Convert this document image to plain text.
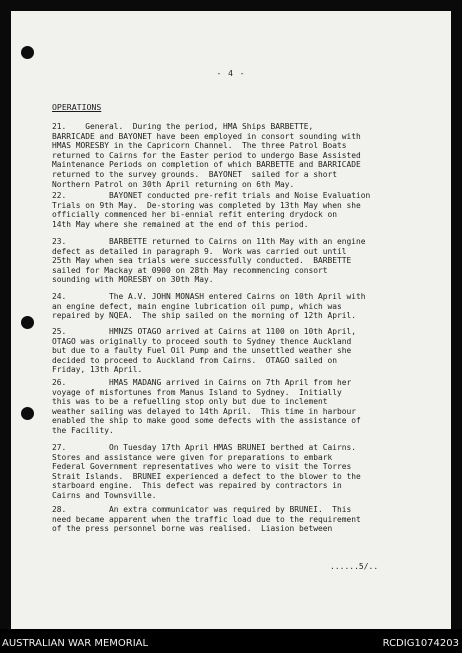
- 4 -
OPERATIONS
21.    General.  During the period, HMA Ships BARBETTE,
BARRICADE and BAYONET have been employed in consort sounding with
HMAS MORESBY in the Capricorn Channel.  The three Patrol Boats
returned to Cairns for the Easter period to undergo Base Assisted
Maintenance Periods on completion of which BARBETTE and BARRICADE
returned to the survey grounds.  BAYONET  sailed for a short
Northern Patrol on 30th April returning on 6th May.
22.         BAYONET conducted pre-refit trials and Noise Evaluation
Trials on 9th May.  De-storing was completed by 13th May when she
officially commenced her bi-ennial refit entering drydock on
14th May where she remained at the end of this period.
23.         BARBETTE returned to Cairns on 11th May with an engine
defect as detailed in paragraph 9.  Work was carried out until
25th May when sea trials were successfully conducted.  BARBETTE
sailed for Mackay at 0900 on 28th May recommencing consort
sounding with MORESBY on 30th May.
24.         The A.V. JOHN MONASH entered Cairns on 10th April with
an engine defect, main engine lubrication oil pump, which was
repaired by NQEA.  The ship sailed on the morning of 12th April.
25.         HMNZS OTAGO arrived at Cairns at 1100 on 10th April,
OTAGO was originally to proceed south to Sydney thence Auckland
but due to a faulty Fuel Oil Pump and the unsettled weather she
decided to proceed to Auckland from Cairns.  OTAGO sailed on
Friday, 13th April.
26.         HMAS MADANG arrived in Cairns on 7th April from her
voyage of misfortunes from Manus Island to Sydney.  Initially
this was to be a refuelling stop only but due to inclement
weather sailing was delayed to 14th April.  This time in harbour
enabled the ship to make good some defects with the assistance of
the Facility.
27.         On Tuesday 17th April HMAS BRUNEI berthed at Cairns.
Stores and assistance were given for preparations to embark
Federal Government representatives who were to visit the Torres
Strait Islands.  BRUNEI experienced a defect to the blower to the
starboard engine.  This defect was repaired by contractors in
Cairns and Townsville.
28.         An extra communicator was required by BRUNEI.  This
need became apparent when the traffic load due to the requirement
of the press personnel borne was realised.  Liasion between
......5/..
AUSTRALIAN WAR MEMORIAL	RCDIG1074203
